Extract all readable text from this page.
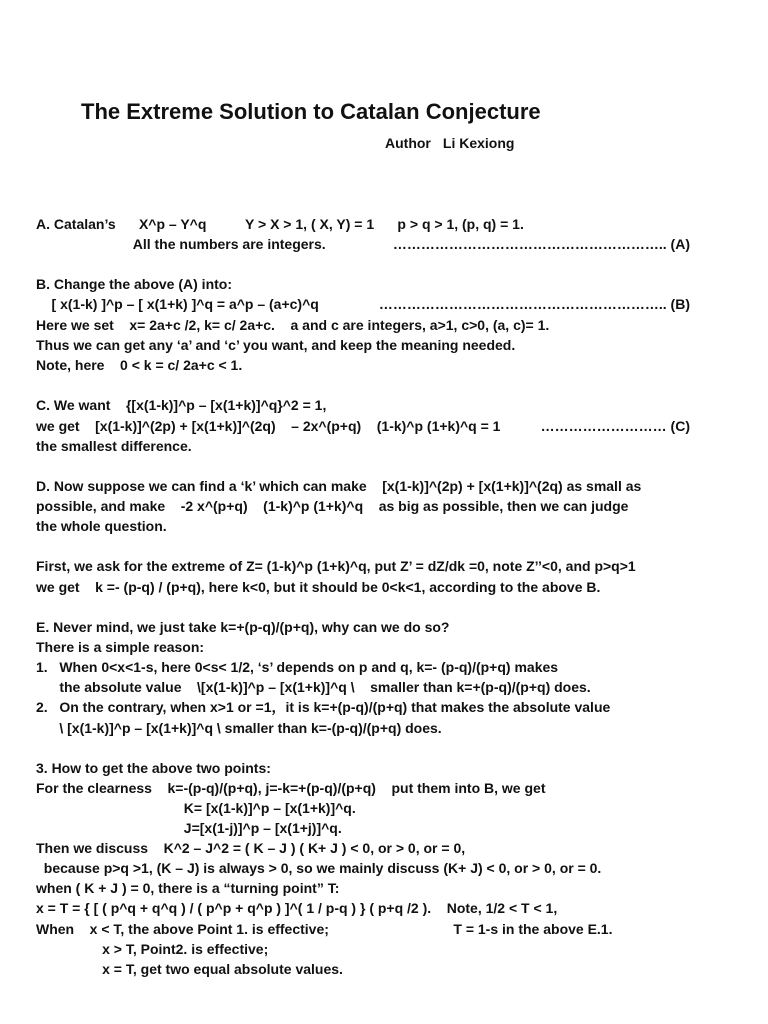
The Extreme Solution to Catalan Conjecture
Author Li Kexiong
A. Catalan’s      X^p – Y^q          Y > X > 1, ( X, Y) = 1      p > q > 1, (p, q) = 1.
All the numbers are integers.	………………………………………………….. (A)
B. Change the above (A) into:
[ x(1-k) ]^p – [ x(1+k) ]^q = a^p – (a+c)^q	…………………………………………………….. (B)
Here we set    x= 2a+c /2, k= c/ 2a+c.    a and c are integers, a>1, c>0, (a, c)= 1.
Thus we can get any ‘a’ and ‘c’ you want, and keep the meaning needed.
Note, here    0 < k = c/ 2a+c < 1.
C. We want    {[x(1-k)]^p – [x(1+k)]^q}^2 = 1,
we get    [x(1-k)]^(2p) + [x(1+k)]^(2q)    – 2x^(p+q)    (1-k)^p (1+k)^q = 1	……………………… (C)
the smallest difference.
D. Now suppose we can find a ‘k’ which can make    [x(1-k)]^(2p) + [x(1+k)]^(2q) as small as
possible, and make    -2 x^(p+q)    (1-k)^p (1+k)^q    as big as possible, then we can judge
the whole question.
First, we ask for the extreme of Z= (1-k)^p (1+k)^q, put Z’ = dZ/dk =0, note Z’’<0, and p>q>1
we get    k =- (p-q) / (p+q), here k<0, but it should be 0<k<1, according to the above B.
E. Never mind, we just take k=+(p-q)/(p+q), why can we do so?
There is a simple reason:
1.   When 0<x<1-s, here 0<s< 1/2, ‘s’ depends on p and q, k=- (p-q)/(p+q) makes
the absolute value    \[x(1-k)]^p – [x(1+k)]^q \    smaller than k=+(p-q)/(p+q) does.
2.   On the contrary, when x>1 or =1，it is k=+(p-q)/(p+q) that makes the absolute value
\ [x(1-k)]^p – [x(1+k)]^q \ smaller than k=-(p-q)/(p+q) does.
3. How to get the above two points:
For the clearness    k=-(p-q)/(p+q), j=-k=+(p-q)/(p+q)    put them into B, we get
K= [x(1-k)]^p – [x(1+k)]^q.
J=[x(1-j)]^p – [x(1+j)]^q.
Then we discuss    K^2 – J^2 = ( K – J ) ( K+ J ) < 0, or > 0, or = 0,
because p>q >1, (K – J) is always > 0, so we mainly discuss (K+ J) < 0, or > 0, or = 0.
when ( K + J ) = 0, there is a “turning point” T:
x = T = { [ ( p^q + q^q ) / ( p^p + q^p ) ]^( 1 / p-q ) } ( p+q /2 ).    Note, 1/2 < T < 1,
When    x < T, the above Point 1. is effective;                                T = 1-s in the above E.1.
x > T, Point2. is effective;
x = T, get two equal absolute values.
